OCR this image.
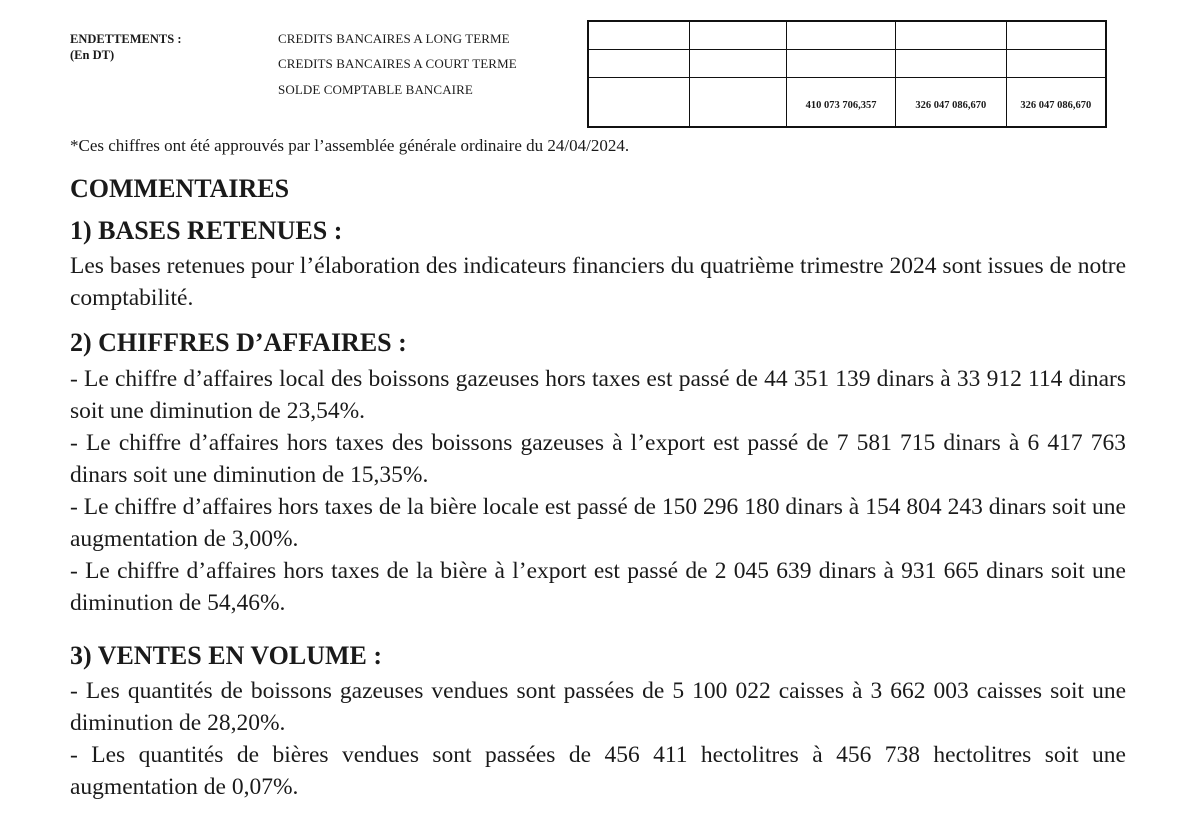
ENDETTEMENTS :
(En DT)
CREDITS BANCAIRES A LONG TERME
CREDITS BANCAIRES A COURT TERME
SOLDE COMPTABLE BANCAIRE

		410 073 706,357	326 047 086,670	326 047 086,670
*Ces chiffres ont été approuvés par l’assemblée générale ordinaire du 24/04/2024.
COMMENTAIRES
1) BASES RETENUES :

Les bases retenues pour l’élaboration des indicateurs financiers du quatrième trimestre 2024 sont issues de notre comptabilité.

2) CHIFFRES D’AFFAIRES :

- Le chiffre d’affaires local des boissons gazeuses hors taxes est passé de 44 351 139 dinars à 33 912 114 dinars soit une diminution de 23,54%.

- Le chiffre d’affaires hors taxes des boissons gazeuses à l’export est passé de 7 581 715 dinars à 6 417 763 dinars soit une diminution de 15,35%.

- Le chiffre d’affaires hors taxes de la bière locale est passé de 150 296 180 dinars à 154 804 243 dinars soit une augmentation de 3,00%.

- Le chiffre d’affaires hors taxes de la bière à l’export est passé de 2 045 639 dinars à 931 665 dinars soit une diminution de 54,46%.

3) VENTES EN VOLUME :

- Les quantités de boissons gazeuses vendues sont passées de 5 100 022 caisses à 3 662 003 caisses soit une diminution de 28,20%.

- Les quantités de bières vendues sont passées de 456 411 hectolitres à 456 738 hectolitres soit une augmentation de 0,07%.
